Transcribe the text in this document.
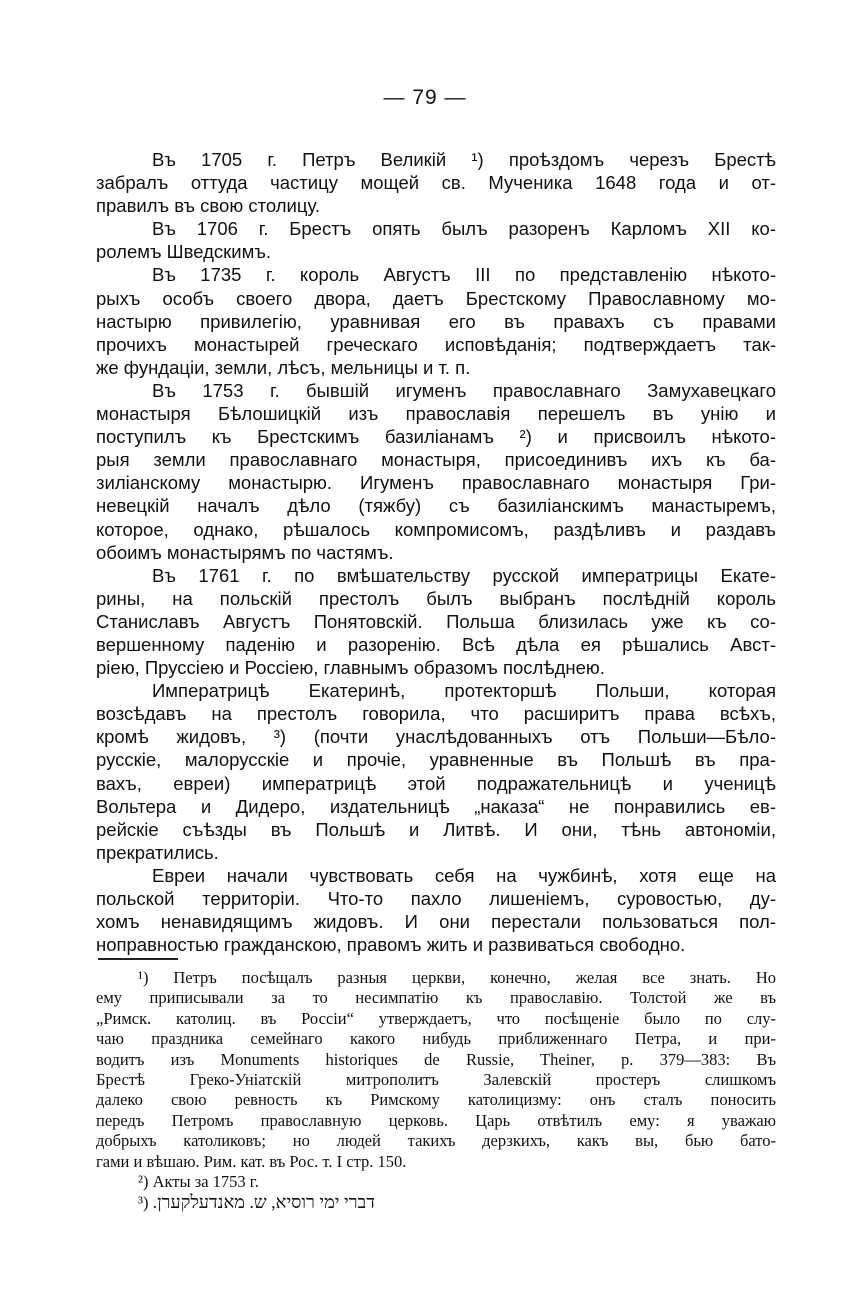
— 79 —
Въ 1705 г. Петръ Великій ¹) проѣздомъ черезъ Брестѣ
забралъ оттуда частицу мощей св. Мученика 1648 года и от-
правилъ въ свою столицу.
Въ 1706 г. Брестъ опять былъ разоренъ Карломъ XII ко-
ролемъ Шведскимъ.
Въ 1735 г. король Августъ III по представленію нѣкото-
рыхъ особъ своего двора, даетъ Брестскому Православному мо-
настырю привилегію, уравнивая его въ правахъ съ правами
прочихъ монастырей греческаго исповѣданія; подтверждаетъ так-
же фундаціи, земли, лѣсъ, мельницы и т. п.
Въ 1753 г. бывшій игуменъ православнаго Замухавецкаго
монастыря Бѣлошицкій изъ православія перешелъ въ унію и
поступилъ къ Брестскимъ базиліанамъ ²) и присвоилъ нѣкото-
рыя земли православнаго монастыря, присоединивъ ихъ къ ба-
зиліанскому монастырю. Игуменъ православнаго монастыря Гри-
невецкій началъ дѣло (тяжбу) съ базиліанскимъ манастыремъ,
которое, однако, рѣшалось компромисомъ, раздѣливъ и раздавъ
обоимъ монастырямъ по частямъ.
Въ 1761 г. по вмѣшательству русской императрицы Екате-
рины, на польскій престолъ былъ выбранъ послѣдній король
Станиславъ Августъ Понятовскій. Польша близилась уже къ со-
вершенному паденію и разоренію. Всѣ дѣла ея рѣшались Авст-
ріею, Пруссіею и Россіею, главнымъ образомъ послѣднею.
Императрицѣ Екатеринѣ, протекторшѣ Польши, которая
возсѣдавъ на престолъ говорила, что расширитъ права всѣхъ,
кромѣ жидовъ, ³) (почти унаслѣдованныхъ отъ Польши—Бѣло-
русскіе, малорусскіе и прочіе, уравненные въ Польшѣ въ пра-
вахъ, евреи) императрицѣ этой подражательницѣ и ученицѣ
Вольтера и Дидеро, издательницѣ „наказа“ не понравились ев-
рейскіе съѣзды въ Польшѣ и Литвѣ. И они, тѣнь автономіи,
прекратились.
Евреи начали чувствовать себя на чужбинѣ, хотя еще на
польской территоріи. Что-то пахло лишеніемъ, суровостью, ду-
хомъ ненавидящимъ жидовъ. И они перестали пользоваться пол-
ноправностью гражданскою, правомъ жить и развиваться свободно.
¹) Петръ посѣщалъ разныя церкви, конечно, желая все знать. Но
ему приписывали за то несимпатію къ православію. Толстой же въ
„Римск. католиц. въ Россіи“ утверждаетъ, что посѣщеніе было по слу-
чаю праздника семейнаго какого нибудь приближеннаго Петра, и при-
водитъ изъ Monuments historiques de Russie, Theiner, p. 379—383: Въ
Брестѣ Греко-Уніатскій митрополитъ Залевскій простеръ слишкомъ
далеко свою ревность къ Римскому католицизму: онъ сталъ поносить
передъ Петромъ православную церковь. Царь отвѣтилъ ему: я уважаю
добрыхъ католиковъ; но людей такихъ дерзкихъ, какъ вы, бью бато-
гами и вѣшаю. Рим. кат. въ Рос. т. I стр. 150.
²) Акты за 1753 г.
³) דברי ימי רוסיא, ש. מאנדעלקערן.
